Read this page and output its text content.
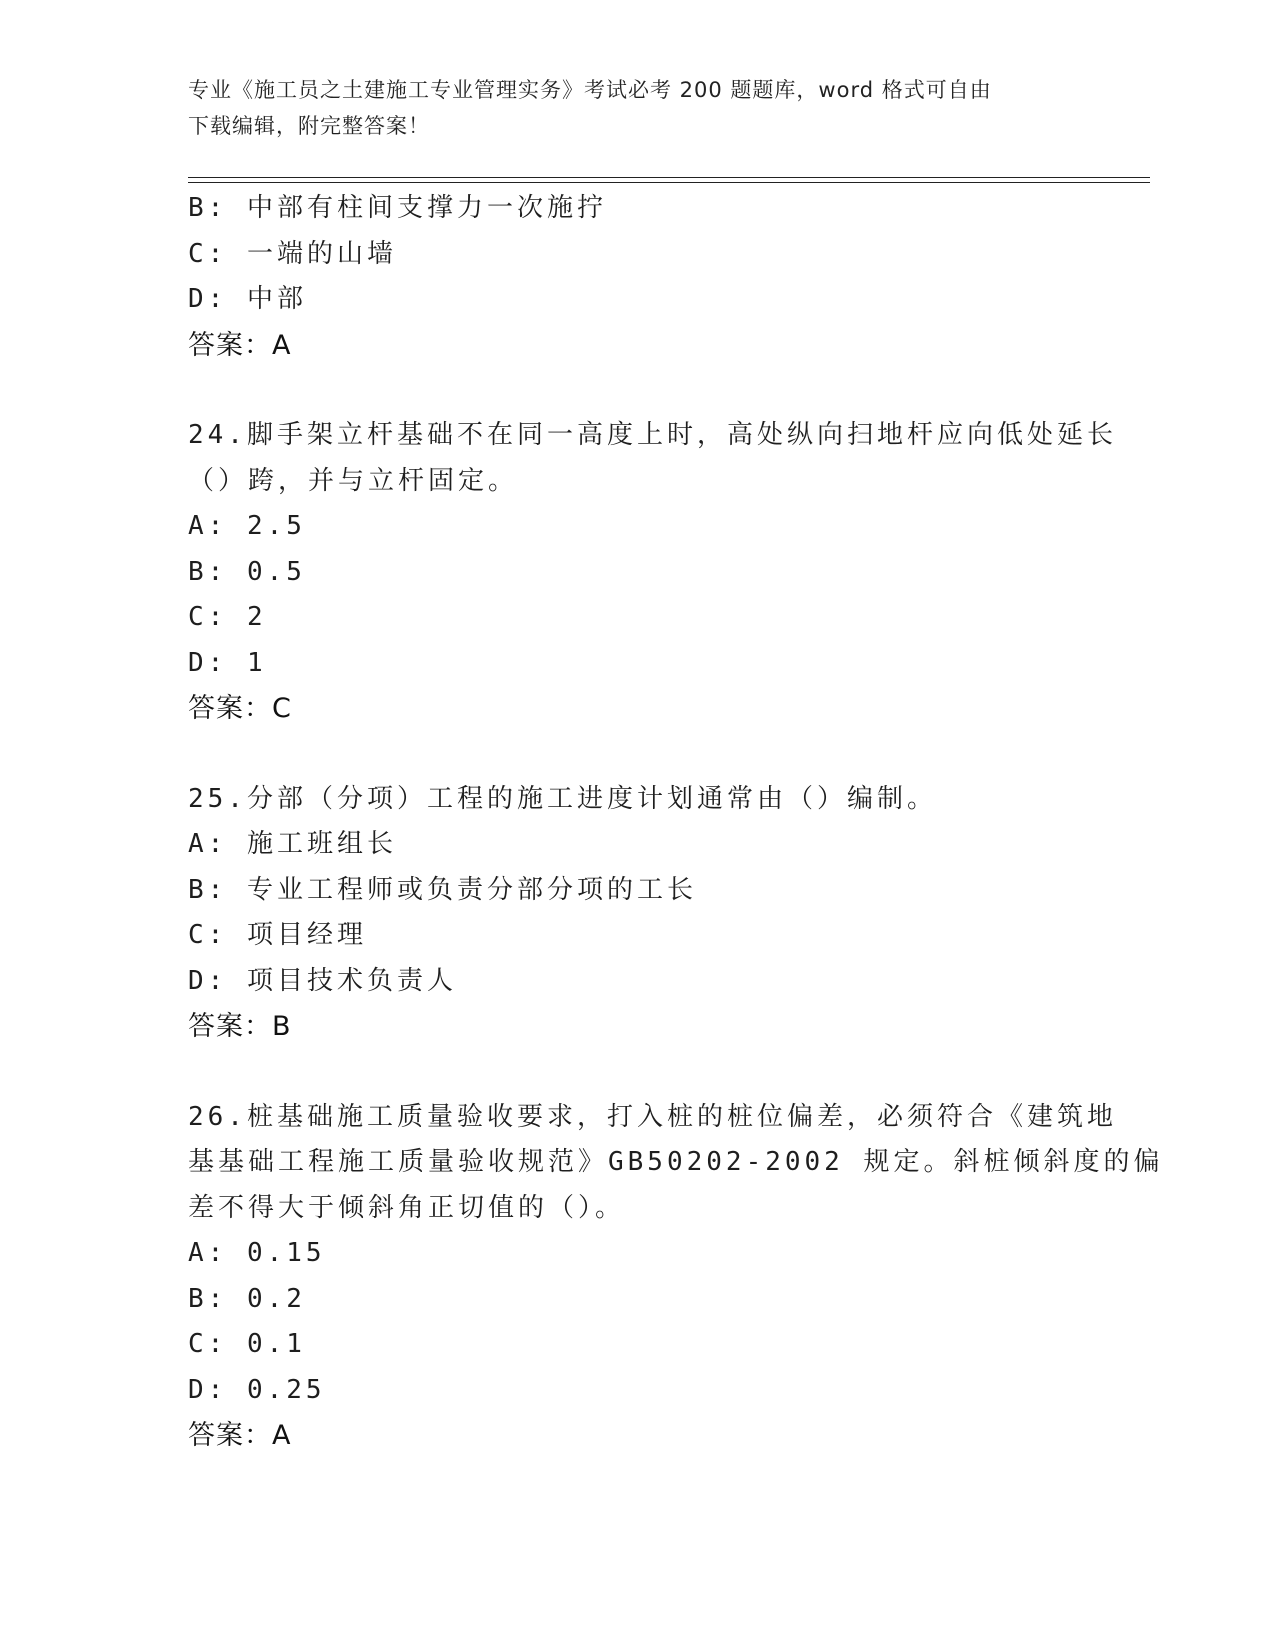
专业《施工员之土建施工专业管理实务》考试必考 200 题题库，word 格式可自由
下载编辑，附完整答案！
B: 中部有柱间支撑力一次施拧
C: 一端的山墙
D: 中部
答案：A
24.脚手架立杆基础不在同一高度上时，高处纵向扫地杆应向低处延长
（）跨，并与立杆固定。
A: 2.5
B: 0.5
C: 2
D: 1
答案：C
25.分部（分项）工程的施工进度计划通常由（）编制。
A: 施工班组长
B: 专业工程师或负责分部分项的工长
C: 项目经理
D: 项目技术负责人
答案：B
26.桩基础施工质量验收要求，打入桩的桩位偏差，必须符合《建筑地
基基础工程施工质量验收规范》GB50202-2002 规定。斜桩倾斜度的偏
差不得大于倾斜角正切值的（）。
A: 0.15
B: 0.2
C: 0.1
D: 0.25
答案：A
